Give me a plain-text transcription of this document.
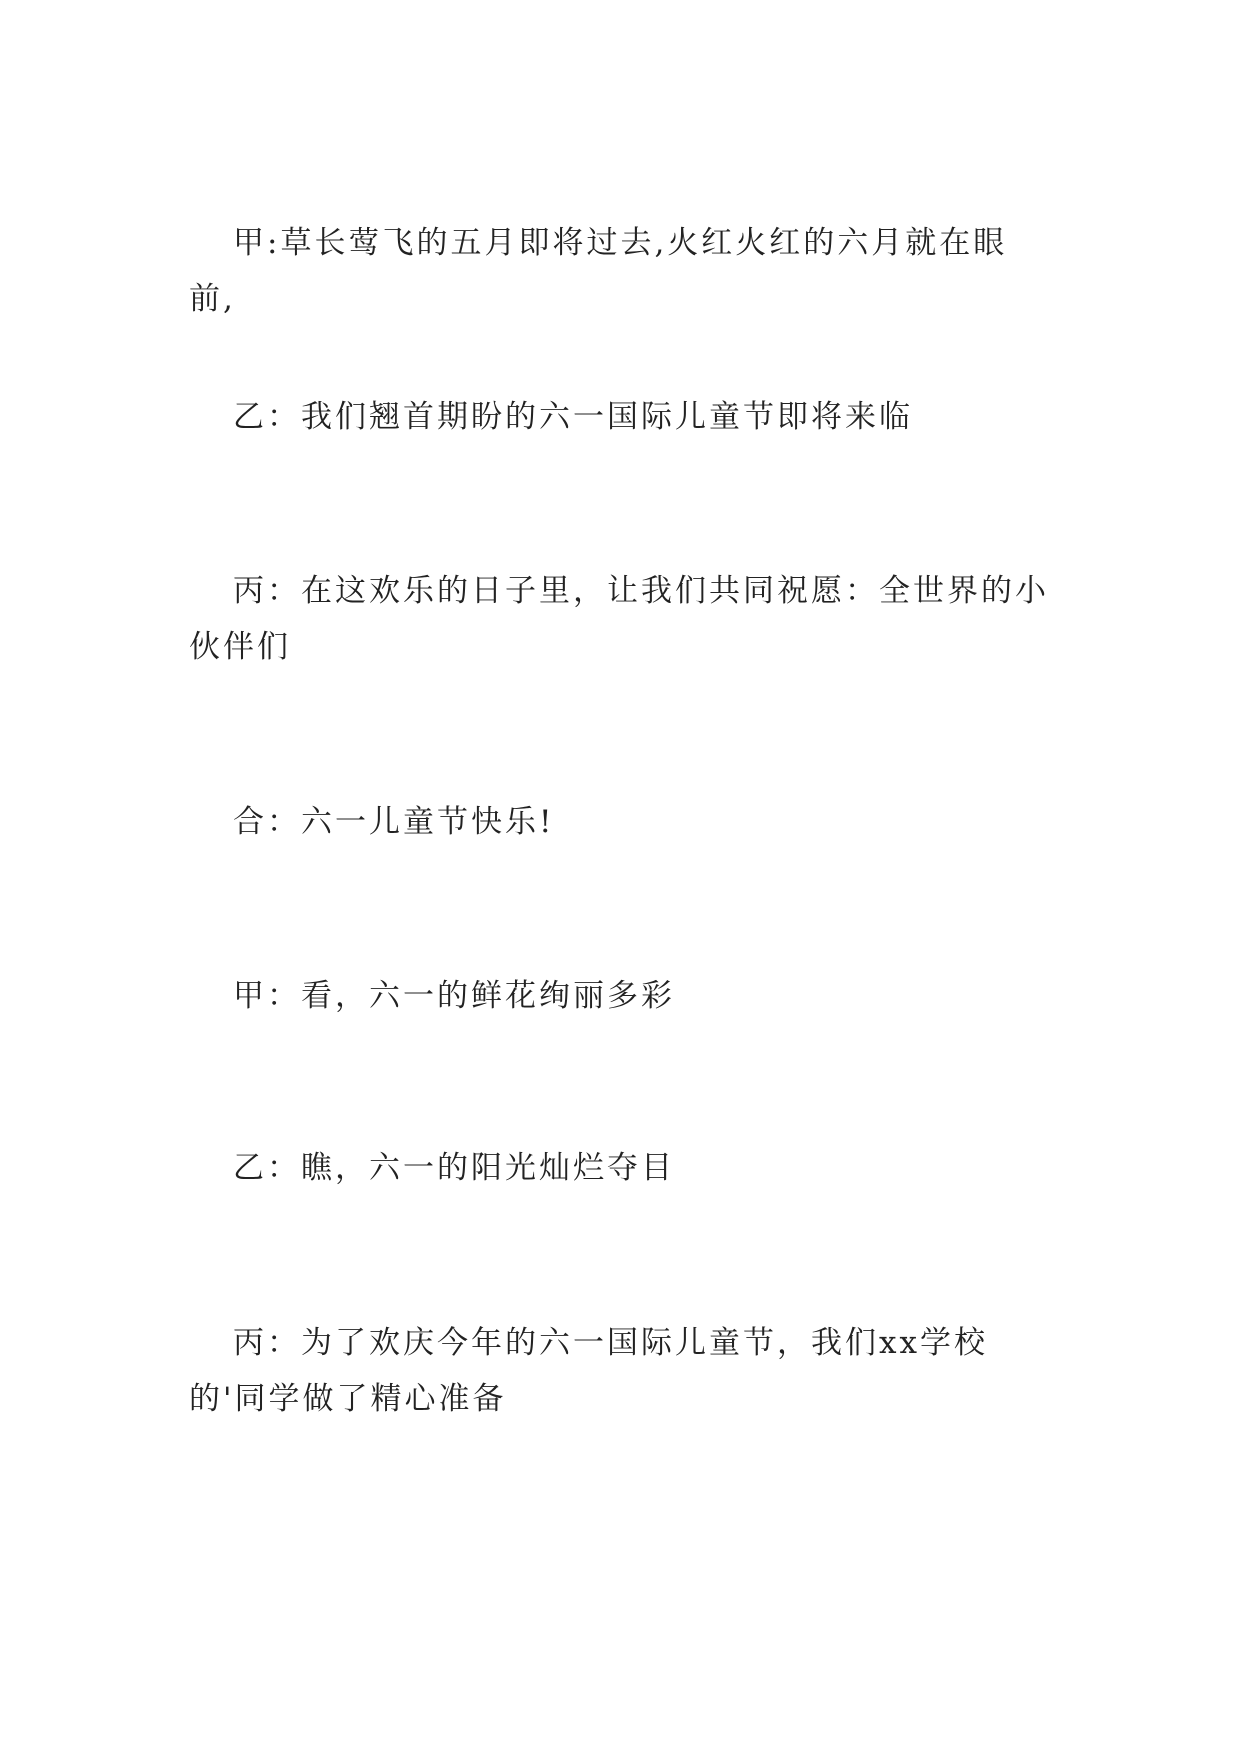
甲:草长莺飞的五月即将过去,火红火红的六月就在眼前,

乙：我们翘首期盼的六一国际儿童节即将来临

丙：在这欢乐的日子里，让我们共同祝愿：全世界的小伙伴们

合：六一儿童节快乐!

甲：看，六一的鲜花绚丽多彩

乙：瞧，六一的阳光灿烂夺目

丙：为了欢庆今年的六一国际儿童节，我们xx学校的'同学做了精心准备
